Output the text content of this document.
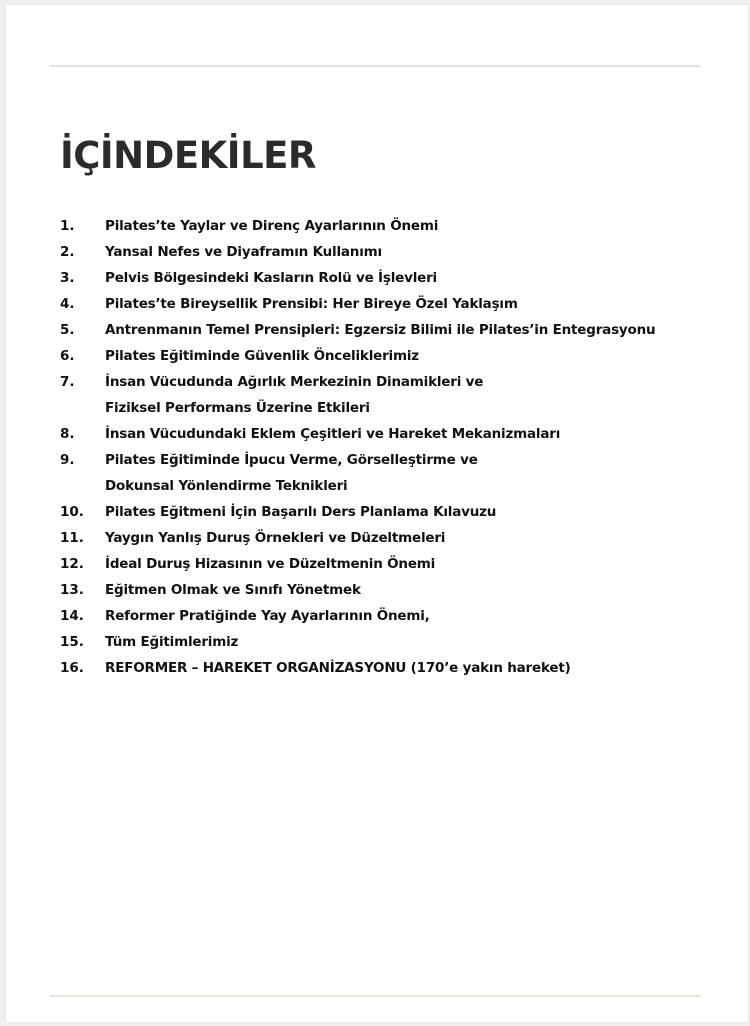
İÇİNDEKİLER
1.	Pilates’te Yaylar ve Direnç Ayarlarının Önemi
2.	Yansal Nefes ve Diyaframın Kullanımı
3.	Pelvis Bölgesindeki Kasların Rolü ve İşlevleri
4.	Pilates’te Bireysellik Prensibi: Her Bireye Özel Yaklaşım
5.	Antrenmanın Temel Prensipleri: Egzersiz Bilimi ile Pilates’in Entegrasyonu
6.	Pilates Eğitiminde Güvenlik Önceliklerimiz
7.	İnsan Vücudunda Ağırlık Merkezinin Dinamikleri ve
Fiziksel Performans Üzerine Etkileri
8.	İnsan Vücudundaki Eklem Çeşitleri ve Hareket Mekanizmaları
9.	Pilates Eğitiminde İpucu Verme, Görselleştirme ve
Dokunsal Yönlendirme Teknikleri
10.	Pilates Eğitmeni İçin Başarılı Ders Planlama Kılavuzu
11.	Yaygın Yanlış Duruş Örnekleri ve Düzeltmeleri
12.	İdeal Duruş Hizasının ve Düzeltmenin Önemi
13.	Eğitmen Olmak ve Sınıfı Yönetmek
14.	Reformer Pratiğinde Yay Ayarlarının Önemi,
15.	Tüm Eğitimlerimiz
16.	REFORMER – HAREKET ORGANİZASYONU (170’e yakın hareket)
